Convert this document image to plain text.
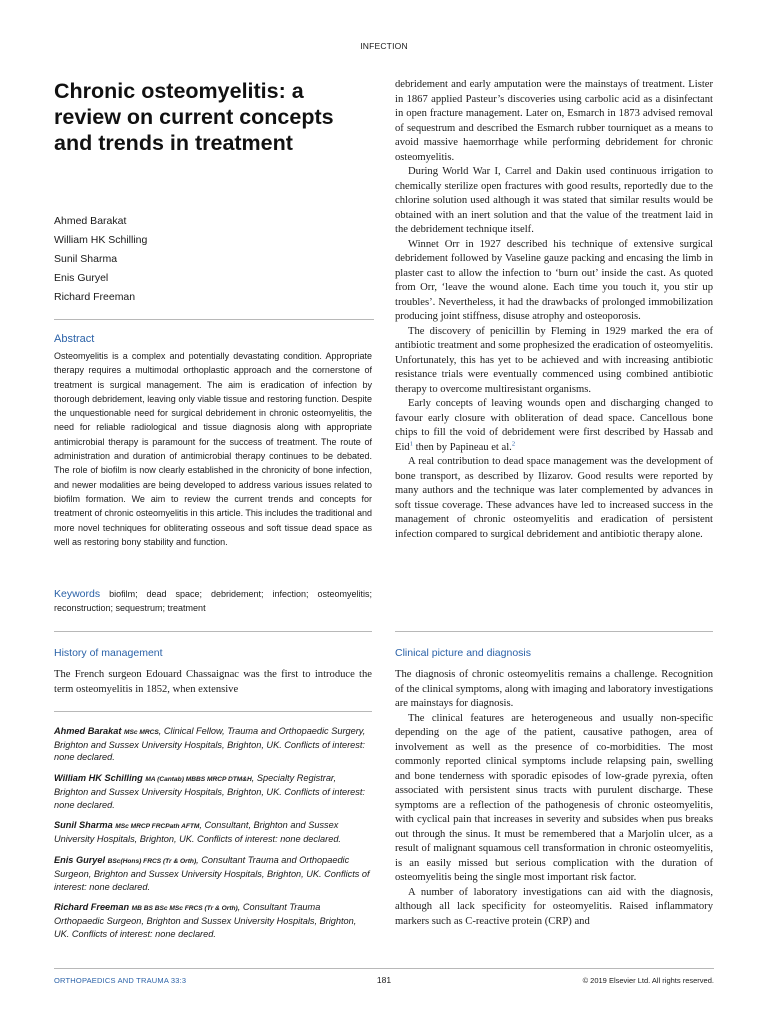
INFECTION
Chronic osteomyelitis: a review on current concepts and trends in treatment
Ahmed Barakat
William HK Schilling
Sunil Sharma
Enis Guryel
Richard Freeman
Abstract
Osteomyelitis is a complex and potentially devastating condition. Appropriate therapy requires a multimodal orthoplastic approach and the cornerstone of treatment is surgical management. The aim is eradication of infection by thorough debridement, leaving only viable tissue and restoring function. Despite the unquestionable need for surgical debridement in chronic osteomyelitis, the need for reliable radiological and tissue diagnosis along with appropriate antimicrobial therapy is paramount for the success of treatment. The route of administration and duration of antimicrobial therapy continues to be debated. The role of biofilm is now clearly established in the chronicity of bone infection, and newer modalities are being developed to address various issues related to biofilm formation. We aim to review the current trends and concepts for treatment of chronic osteomyelitis in this article. This includes the traditional and more novel techniques for obliterating osseous and soft tissue dead space as well as restoring bony stability and function.
Keywords biofilm; dead space; debridement; infection; osteomyelitis; reconstruction; sequestrum; treatment
History of management
The French surgeon Edouard Chassaignac was the first to introduce the term osteomyelitis in 1852, when extensive
Ahmed Barakat MSc MRCS, Clinical Fellow, Trauma and Orthopaedic Surgery, Brighton and Sussex University Hospitals, Brighton, UK. Conflicts of interest: none declared.
William HK Schilling MA (Cantab) MBBS MRCP DTM&H, Specialty Registrar, Brighton and Sussex University Hospitals, Brighton, UK. Conflicts of interest: none declared.
Sunil Sharma MSc MRCP FRCPath AFTM, Consultant, Brighton and Sussex University Hospitals, Brighton, UK. Conflicts of interest: none declared.
Enis Guryel BSc(Hons) FRCS (Tr & Orth), Consultant Trauma and Orthopaedic Surgeon, Brighton and Sussex University Hospitals, Brighton, UK. Conflicts of interest: none declared.
Richard Freeman MB BS BSc MSc FRCS (Tr & Orth), Consultant Trauma Orthopaedic Surgeon, Brighton and Sussex University Hospitals, Brighton, UK. Conflicts of interest: none declared.

debridement and early amputation were the mainstays of treatment. Lister in 1867 applied Pasteur’s discoveries using carbolic acid as a disinfectant in open fracture management. Later on, Esmarch in 1873 advised removal of sequestrum and described the Esmarch rubber tourniquet as a means to avoid massive haemorrhage while performing debridement for chronic osteomyelitis.

During World War I, Carrel and Dakin used continuous irrigation to chemically sterilize open fractures with good results, reportedly due to the chlorine solution used although it was stated that similar results would be obtained with an inert solution and that the value of the treatment laid in the debridement technique itself.

Winnet Orr in 1927 described his technique of extensive surgical debridement followed by Vaseline gauze packing and encasing the limb in plaster cast to allow the infection to ‘burn out’ inside the cast. As quoted from Orr, ‘leave the wound alone. Each time you touch it, you stir up troubles’. Nevertheless, it had the drawbacks of prolonged immobilization producing joint stiffness, disuse atrophy and osteoporosis.

The discovery of penicillin by Fleming in 1929 marked the era of antibiotic treatment and some prophesized the eradication of osteomyelitis. Unfortunately, this has yet to be achieved and with increasing antibiotic resistance trials were eventually commenced using combined antibiotic therapy to overcome multiresistant organisms.

Early concepts of leaving wounds open and discharging changed to favour early closure with obliteration of dead space. Cancellous bone chips to fill the void of debridement were first described by Hassab and Eid$^1$ then by Papineau et al.$^2$

A real contribution to dead space management was the development of bone transport, as described by Ilizarov. Good results were reported by many authors and the technique was later complemented by advances in soft tissue coverage. These advances have led to increased success in the management of chronic osteomyelitis and eradication of persistent infection compared to surgical debridement and antibiotic therapy alone.

Clinical picture and diagnosis

The diagnosis of chronic osteomyelitis remains a challenge. Recognition of the clinical symptoms, along with imaging and laboratory investigations are mainstays for diagnosis.

The clinical features are heterogeneous and usually non-specific depending on the age of the patient, causative pathogen, area of involvement as well as the presence of co-morbidities. The most commonly reported clinical symptoms include relapsing pain, swelling and bone tenderness with sporadic episodes of low-grade pyrexia, often associated with persistent sinus tracts with purulent discharge. These symptoms are a reflection of the pathogenesis of chronic osteomyelitis, with cyclical pain that increases in severity and subsides when pus breaks out through the sinus. It must be remembered that a Marjolin ulcer, as a result of malignant squamous cell transformation in chronic osteomyelitis, is an easily missed but serious complication with the duration of osteomyelitis being the single most important risk factor.

A number of laboratory investigations can aid with the diagnosis, although all lack specificity for osteomyelitis. Raised inflammatory markers such as C-reactive protein (CRP) and

ORTHOPAEDICS AND TRAUMA 33:3	181	© 2019 Elsevier Ltd. All rights reserved.
